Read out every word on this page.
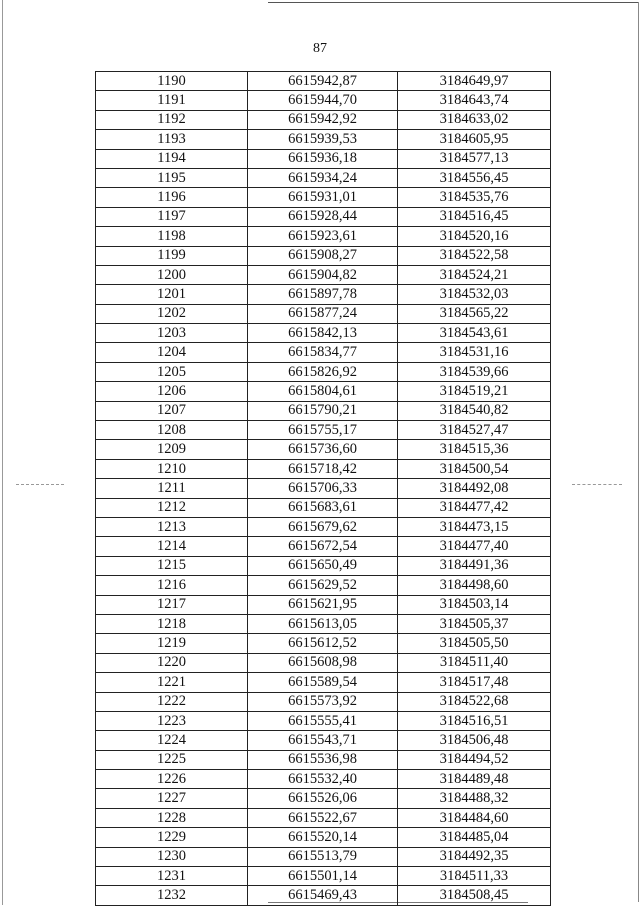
87
1190	6615942,87	3184649,97
1191	6615944,70	3184643,74
1192	6615942,92	3184633,02
1193	6615939,53	3184605,95
1194	6615936,18	3184577,13
1195	6615934,24	3184556,45
1196	6615931,01	3184535,76
1197	6615928,44	3184516,45
1198	6615923,61	3184520,16
1199	6615908,27	3184522,58
1200	6615904,82	3184524,21
1201	6615897,78	3184532,03
1202	6615877,24	3184565,22
1203	6615842,13	3184543,61
1204	6615834,77	3184531,16
1205	6615826,92	3184539,66
1206	6615804,61	3184519,21
1207	6615790,21	3184540,82
1208	6615755,17	3184527,47
1209	6615736,60	3184515,36
1210	6615718,42	3184500,54
1211	6615706,33	3184492,08
1212	6615683,61	3184477,42
1213	6615679,62	3184473,15
1214	6615672,54	3184477,40
1215	6615650,49	3184491,36
1216	6615629,52	3184498,60
1217	6615621,95	3184503,14
1218	6615613,05	3184505,37
1219	6615612,52	3184505,50
1220	6615608,98	3184511,40
1221	6615589,54	3184517,48
1222	6615573,92	3184522,68
1223	6615555,41	3184516,51
1224	6615543,71	3184506,48
1225	6615536,98	3184494,52
1226	6615532,40	3184489,48
1227	6615526,06	3184488,32
1228	6615522,67	3184484,60
1229	6615520,14	3184485,04
1230	6615513,79	3184492,35
1231	6615501,14	3184511,33
1232	6615469,43	3184508,45
